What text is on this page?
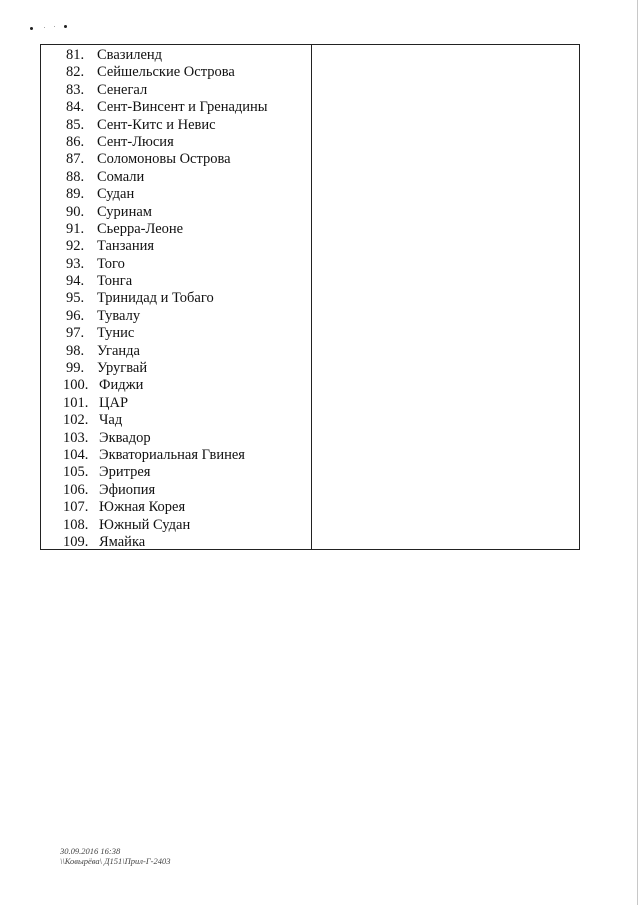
81. Свазиленд
82. Сейшельские Острова
83. Сенегал
84. Сент-Винсент и Гренадины
85. Сент-Китс и Невис
86. Сент-Люсия
87. Соломоновы Острова
88. Сомали
89. Судан
90. Суринам
91. Сьерра-Леоне
92. Танзания
93. Того
94. Тонга
95. Тринидад и Тобаго
96. Тувалу
97. Тунис
98. Уганда
99. Уругвай
100. Фиджи
101. ЦАР
102. Чад
103. Эквадор
104. Экваториальная Гвинея
105. Эритрея
106. Эфиопия
107. Южная Корея
108. Южный Судан
109. Ямайка
30.09.2016 16:38
\\Ковырёва\ Д151\Прил-Г-2403
